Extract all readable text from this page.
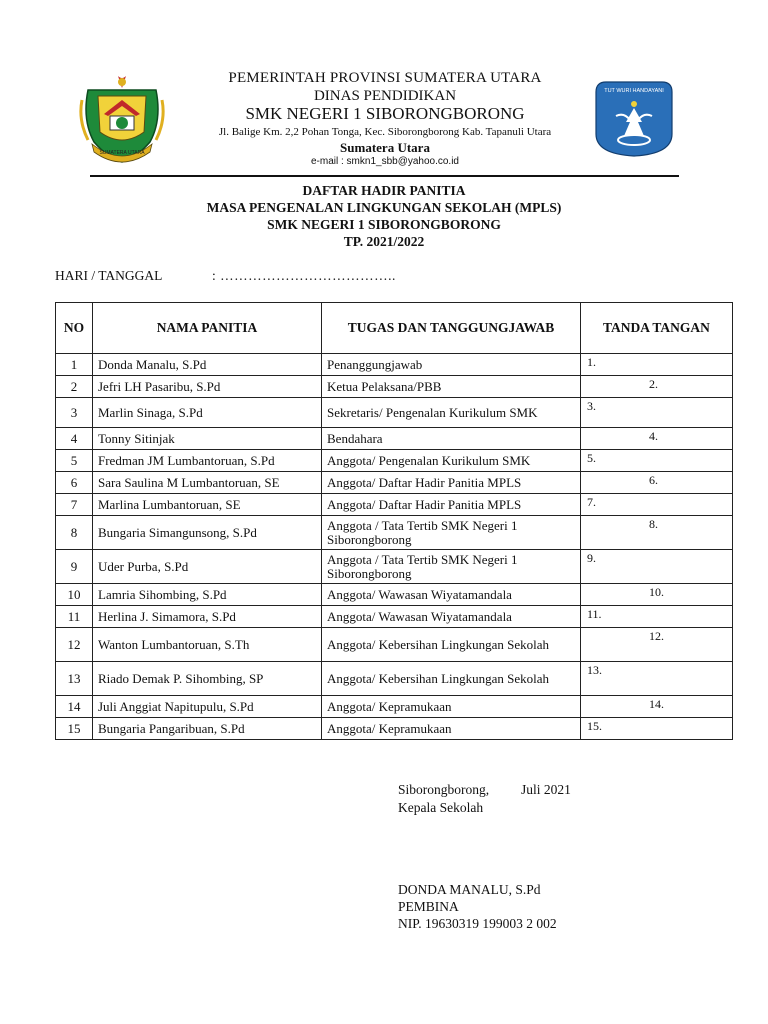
SUMATERA UTARA
TUT WURI HANDAYANI
PEMERINTAH PROVINSI SUMATERA UTARA
DINAS PENDIDIKAN
SMK NEGERI 1 SIBORONGBORONG
Jl. Balige Km. 2,2 Pohan Tonga, Kec. Siborongborong Kab. Tapanuli Utara
Sumatera Utara
e-mail : smkn1_sbb@yahoo.co.id
DAFTAR HADIR PANITIA
MASA PENGENALAN LINGKUNGAN SEKOLAH (MPLS)
SMK NEGERI 1 SIBORONGBORONG
TP. 2021/2022
HARI / TANGGAL	: ………………………………..
NO	NAMA PANITIA	TUGAS DAN TANGGUNGJAWAB	TANDA TANGAN
1	Donda Manalu, S.Pd	Penanggungjawab	1.

2	Jefri LH Pasaribu, S.Pd	Ketua Pelaksana/PBB	2.

3	Marlin Sinaga, S.Pd	Sekretaris/ Pengenalan Kurikulum SMK	3.

4	Tonny Sitinjak	Bendahara	4.

5	Fredman JM Lumbantoruan, S.Pd	Anggota/ Pengenalan Kurikulum SMK	5.

6	Sara Saulina M Lumbantoruan, SE	Anggota/ Daftar Hadir Panitia MPLS	6.

7	Marlina Lumbantoruan, SE	Anggota/ Daftar Hadir Panitia MPLS	7.

8	Bungaria Simangunsong, S.Pd	Anggota / Tata Tertib SMK Negeri 1 Siborongborong	8.

9	Uder Purba, S.Pd	Anggota / Tata Tertib SMK Negeri 1 Siborongborong	9.

10	Lamria Sihombing, S.Pd	Anggota/ Wawasan Wiyatamandala	10.

11	Herlina J. Simamora, S.Pd	Anggota/ Wawasan Wiyatamandala	11.

12	Wanton Lumbantoruan, S.Th	Anggota/ Kebersihan Lingkungan Sekolah	12.

13	Riado Demak P. Sihombing, SP	Anggota/ Kebersihan Lingkungan Sekolah	13.

14	Juli Anggiat Napitupulu, S.Pd	Anggota/ Kepramukaan	14.

15	Bungaria Pangaribuan, S.Pd	Anggota/ Kepramukaan	15.
Siborongborong, Juli 2021
Kepala Sekolah
DONDA MANALU, S.Pd
PEMBINA
NIP. 19630319 199003 2 002
